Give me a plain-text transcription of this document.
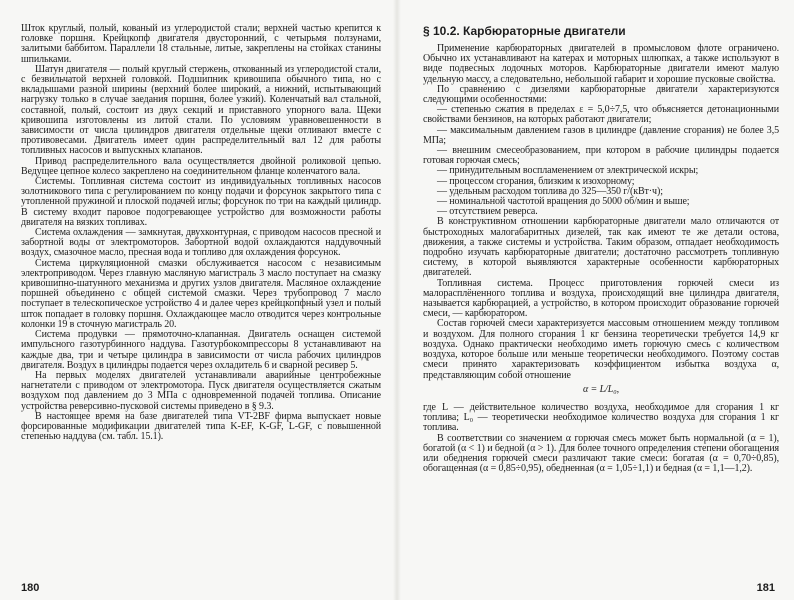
Шток круглый, полый, кованый из углеродистой стали; верхней частью крепится к головке поршня. Крейцкопф двигателя двусторонний, с четырьмя ползунами, залитыми баббитом. Параллели 18 стальные, литые, закреплены на стойках станины шпильками.

Шатун двигателя — полый круглый стержень, откованный из углеродистой стали, с безвильчатой верхней головкой. Подшипник кривошипа обычного типа, но с вкладышами разной ширины (верхний более широкий, а нижний, испытывающий нагрузку только в случае заедания поршня, более узкий). Коленчатый вал стальной, составной, полый, состоит из двух секций и приставного упорного вала. Щеки кривошипа изготовлены из литой стали. По условиям уравновешенности в зависимости от числа цилиндров двигателя отдельные щеки отливают вместе с противовесами. Двигатель имеет один распределительный вал 12 для работы топливных насосов и выпускных клапанов.

Привод распределительного вала осуществляется двойной роликовой цепью. Ведущее цепное колесо закреплено на соединительном фланце коленчатого вала.

Системы. Топливная система состоит из индивидуальных топливных насосов золотникового типа с регулированием по концу подачи и форсунок закрытого типа с утопленной пружиной и плоской подачей иглы; форсунок по три на каждый цилиндр. В систему входит паровое подогревающее устройство для возможности работы двигателя на вязких топливах.

Система охлаждения — замкнутая, двухконтурная, с приводом насосов пресной и забортной воды от электромоторов. Забортной водой охлаждаются наддувочный воздух, смазочное масло, пресная вода и топливо для охлаждения форсунок.

Система циркуляционной смазки обслуживается насосом с независимым электроприводом. Через главную масляную магистраль 3 масло поступает на смазку кривошипно-шатунного механизма и других узлов двигателя. Масляное охлаждение поршней объединено с общей системой смазки. Через трубопровод 7 масло поступает в телескопическое устройство 4 и далее через крейцкопфный узел и полый шток попадает в головку поршня. Охлаждающее масло отводится через контрольные колонки 19 в сточную магистраль 20.

Система продувки — прямоточно-клапанная. Двигатель оснащен системой импульсного газотурбинного наддува. Газотурбокомпрессоры 8 устанавливают на каждые два, три и четыре цилиндра в зависимости от числа рабочих цилиндров двигателя. Воздух в цилиндры подается через охладитель 6 и сварной ресивер 5.

На первых моделях двигателей устанавливали аварийные центробежные нагнетатели с приводом от электромотора. Пуск двигателя осуществляется сжатым воздухом под давлением до 3 МПа с одновременной подачей топлива. Описание устройства реверсивно-пусковой системы приведено в § 9.3.

В настоящее время на базе двигателей типа VT-2BF фирма выпускает новые форсированные модификации двигателей типа K-EF, K-GF, L-GF, с повышенной степенью наддува (см. табл. 15.1).

180
§ 10.2. Карбюраторные двигатели

Применение карбюраторных двигателей в промысловом флоте ограничено. Обычно их устанавливают на катерах и моторных шлюпках, а также используют в виде подвесных лодочных моторов. Карбюраторные двигатели имеют малую удельную массу, а следовательно, небольшой габарит и хорошие пусковые свойства.

По сравнению с дизелями карбюраторные двигатели характеризуются следующими особенностями:

— степенью сжатия в пределах ε = 5,0÷7,5, что объясняется детонационными свойствами бензинов, на которых работают двигатели;

— максимальным давлением газов в цилиндре (давление сгорания) не более 3,5 МПа;

— внешним смесеобразованием, при котором в рабочие цилиндры подается готовая горючая смесь;

— принудительным воспламенением от электрической искры;

— процессом сгорания, близким к изохорному;

— удельным расходом топлива до 325—350 г/(кВт·ч);

— номинальной частотой вращения до 5000 об/мин и выше;

— отсутствием реверса.

В конструктивном отношении карбюраторные двигатели мало отличаются от быстроходных малогабаритных дизелей, так как имеют те же детали остова, движения, а также системы и устройства. Таким образом, отпадает необходимость подробно изучать карбюраторные двигатели; достаточно рассмотреть топливную систему, в которой выявляются характерные особенности карбюраторных двигателей.

Топливная система. Процесс приготовления горючей смеси из малорасплёненного топлива и воздуха, происходящий вне цилиндра двигателя, называется карбюрацией, а устройство, в котором происходит образование горючей смеси, — карбюратором.

Состав горючей смеси характеризуется массовым отношением между топливом и воздухом. Для полного сгорания 1 кг бензина теоретически требуется 14,9 кг воздуха. Однако практически необходимо иметь горючую смесь с количеством воздуха, которое больше или меньше теоретически необходимого. Поэтому состав смеси принято характеризовать коэффициентом избытка воздуха α, представляющим собой отношение

α = L/L₀,

где L — действительное количество воздуха, необходимое для сгорания 1 кг топлива; L₀ — теоретически необходимое количество воздуха для сгорания 1 кг топлива.

В соответствии со значением α горючая смесь может быть нормальной (α = 1), богатой (α < 1) и бедной (α > 1). Для более точного определения степени обогащения или обеднения горючей смеси различают такие смеси: богатая (α = 0,70÷0,85), обогащенная (α = 0,85÷0,95), обедненная (α = 1,05÷1,1) и бедная (α = 1,1—1,2).

181
